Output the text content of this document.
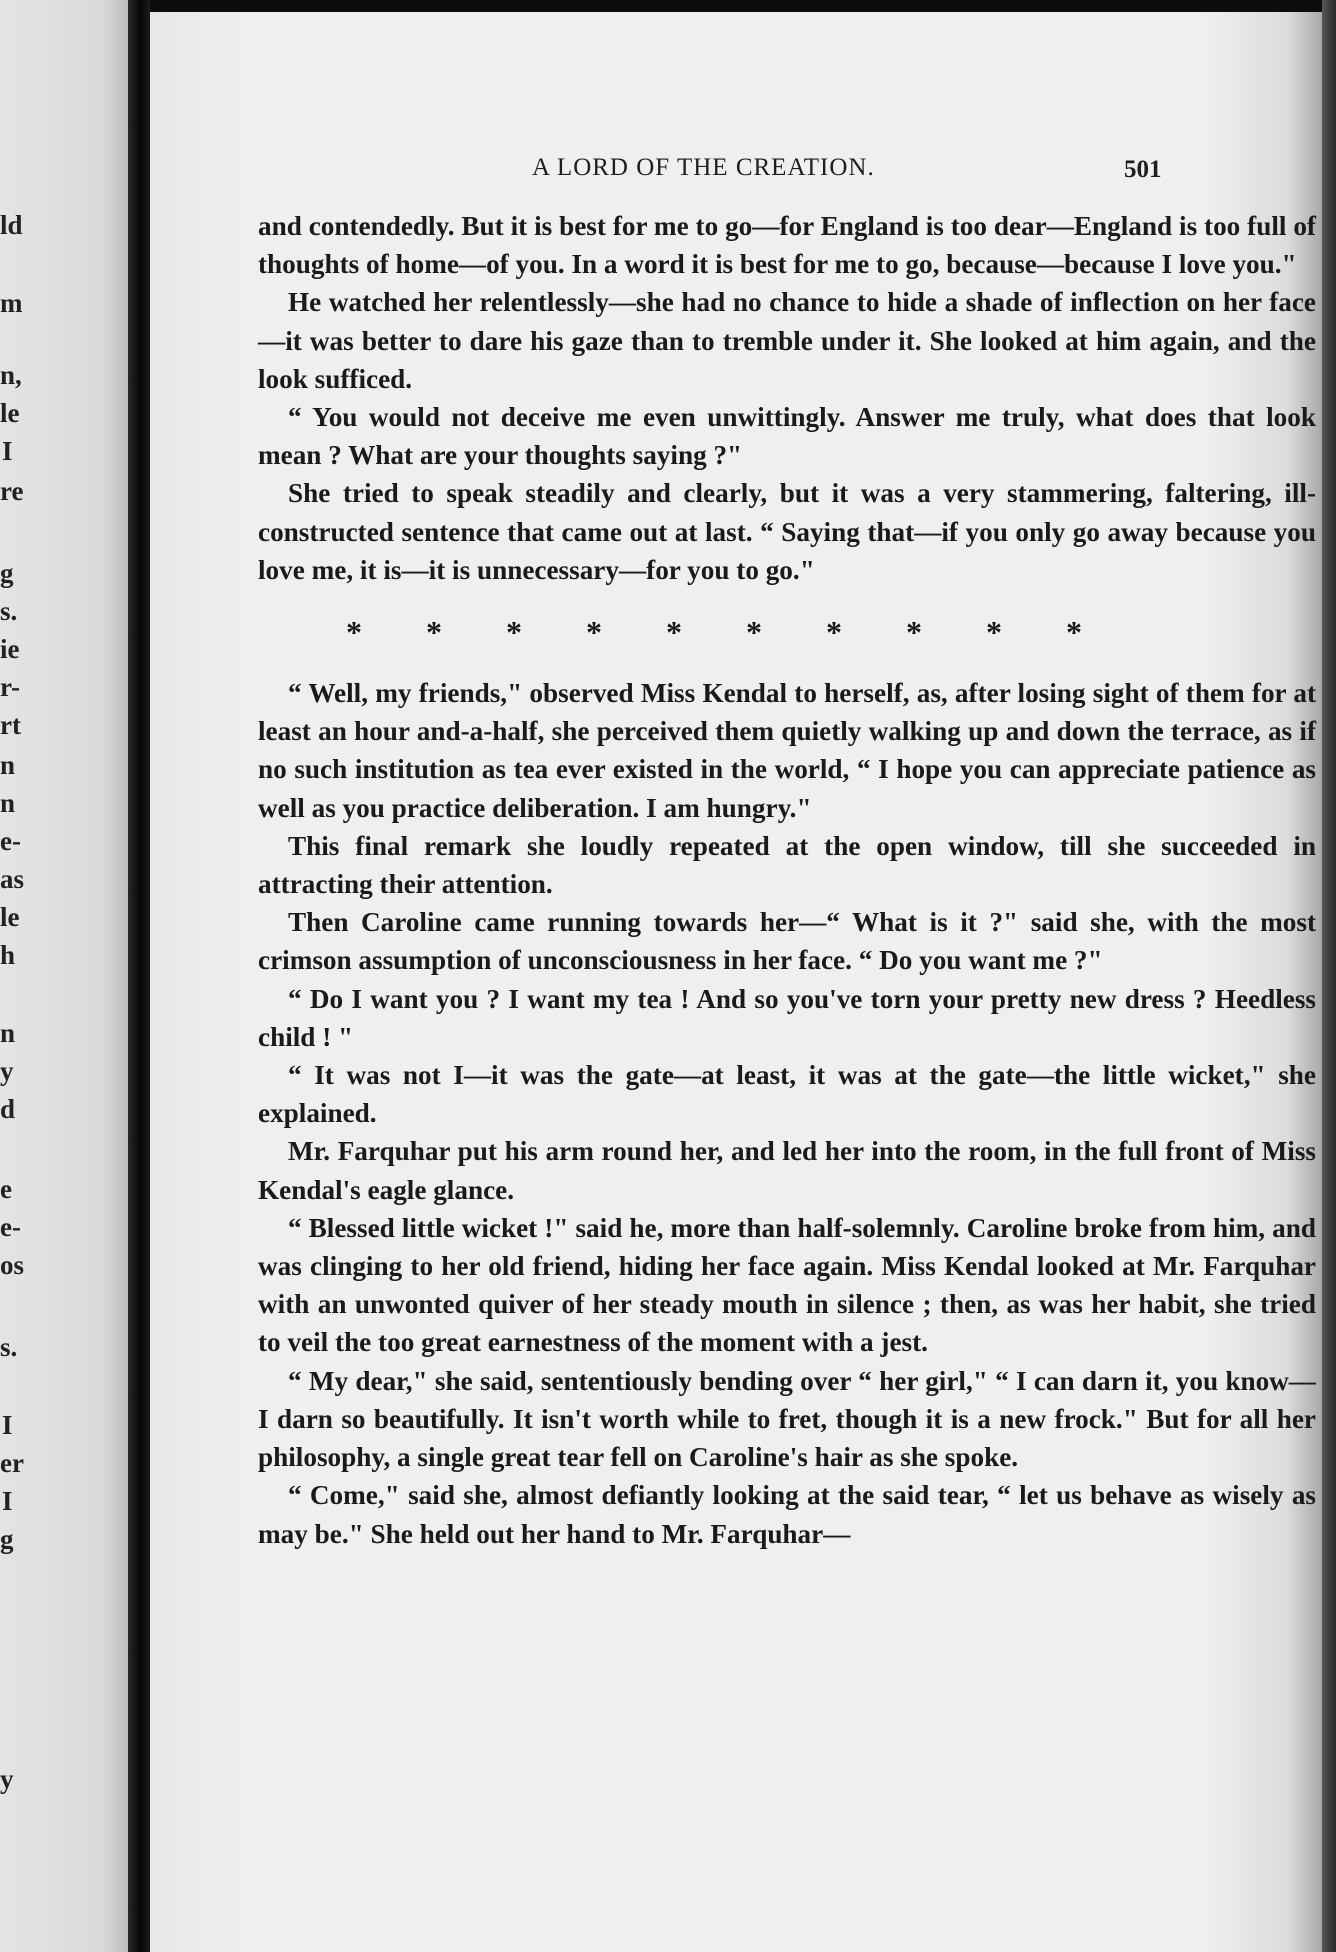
ld
m
n,
le
I
re
g
s.
ie
r-
rt
n
n
e-
as
le
h
n
y
d
e
e-
os
s.
I
er
I
g
y
A LORD OF THE CREATION.	501

and contendedly. But it is best for me to go—for England is too dear—England is too full of thoughts of home—of you. In a word it is best for me to go, because—because I love you."

He watched her relentlessly—she had no chance to hide a shade of inflection on her face—it was better to dare his gaze than to tremble under it. She looked at him again, and the look sufficed.

“ You would not deceive me even unwittingly. Answer me truly, what does that look mean ? What are your thoughts saying ?"

She tried to speak steadily and clearly, but it was a very stammering, faltering, ill-constructed sentence that came out at last. “ Saying that—if you only go away because you love me, it is—it is unnecessary—for you to go."

* * * * * * * * * *

“ Well, my friends," observed Miss Kendal to herself, as, after losing sight of them for at least an hour and-a-half, she perceived them quietly walking up and down the terrace, as if no such institution as tea ever existed in the world, “ I hope you can appreciate patience as well as you practice deliberation. I am hungry."

This final remark she loudly repeated at the open window, till she succeeded in attracting their attention.

Then Caroline came running towards her—“ What is it ?" said she, with the most crimson assumption of unconsciousness in her face. “ Do you want me ?"

“ Do I want you ? I want my tea ! And so you've torn your pretty new dress ? Heedless child ! "

“ It was not I—it was the gate—at least, it was at the gate—the little wicket," she explained.

Mr. Farquhar put his arm round her, and led her into the room, in the full front of Miss Kendal's eagle glance.

“ Blessed little wicket !" said he, more than half-solemnly. Caroline broke from him, and was clinging to her old friend, hiding her face again. Miss Kendal looked at Mr. Farquhar with an unwonted quiver of her steady mouth in silence ; then, as was her habit, she tried to veil the too great earnestness of the moment with a jest.

“ My dear," she said, sententiously bending over “ her girl," “ I can darn it, you know—I darn so beautifully. It isn't worth while to fret, though it is a new frock." But for all her philosophy, a single great tear fell on Caroline's hair as she spoke.

“ Come," said she, almost defiantly looking at the said tear, “ let us behave as wisely as may be." She held out her hand to Mr. Farquhar—
